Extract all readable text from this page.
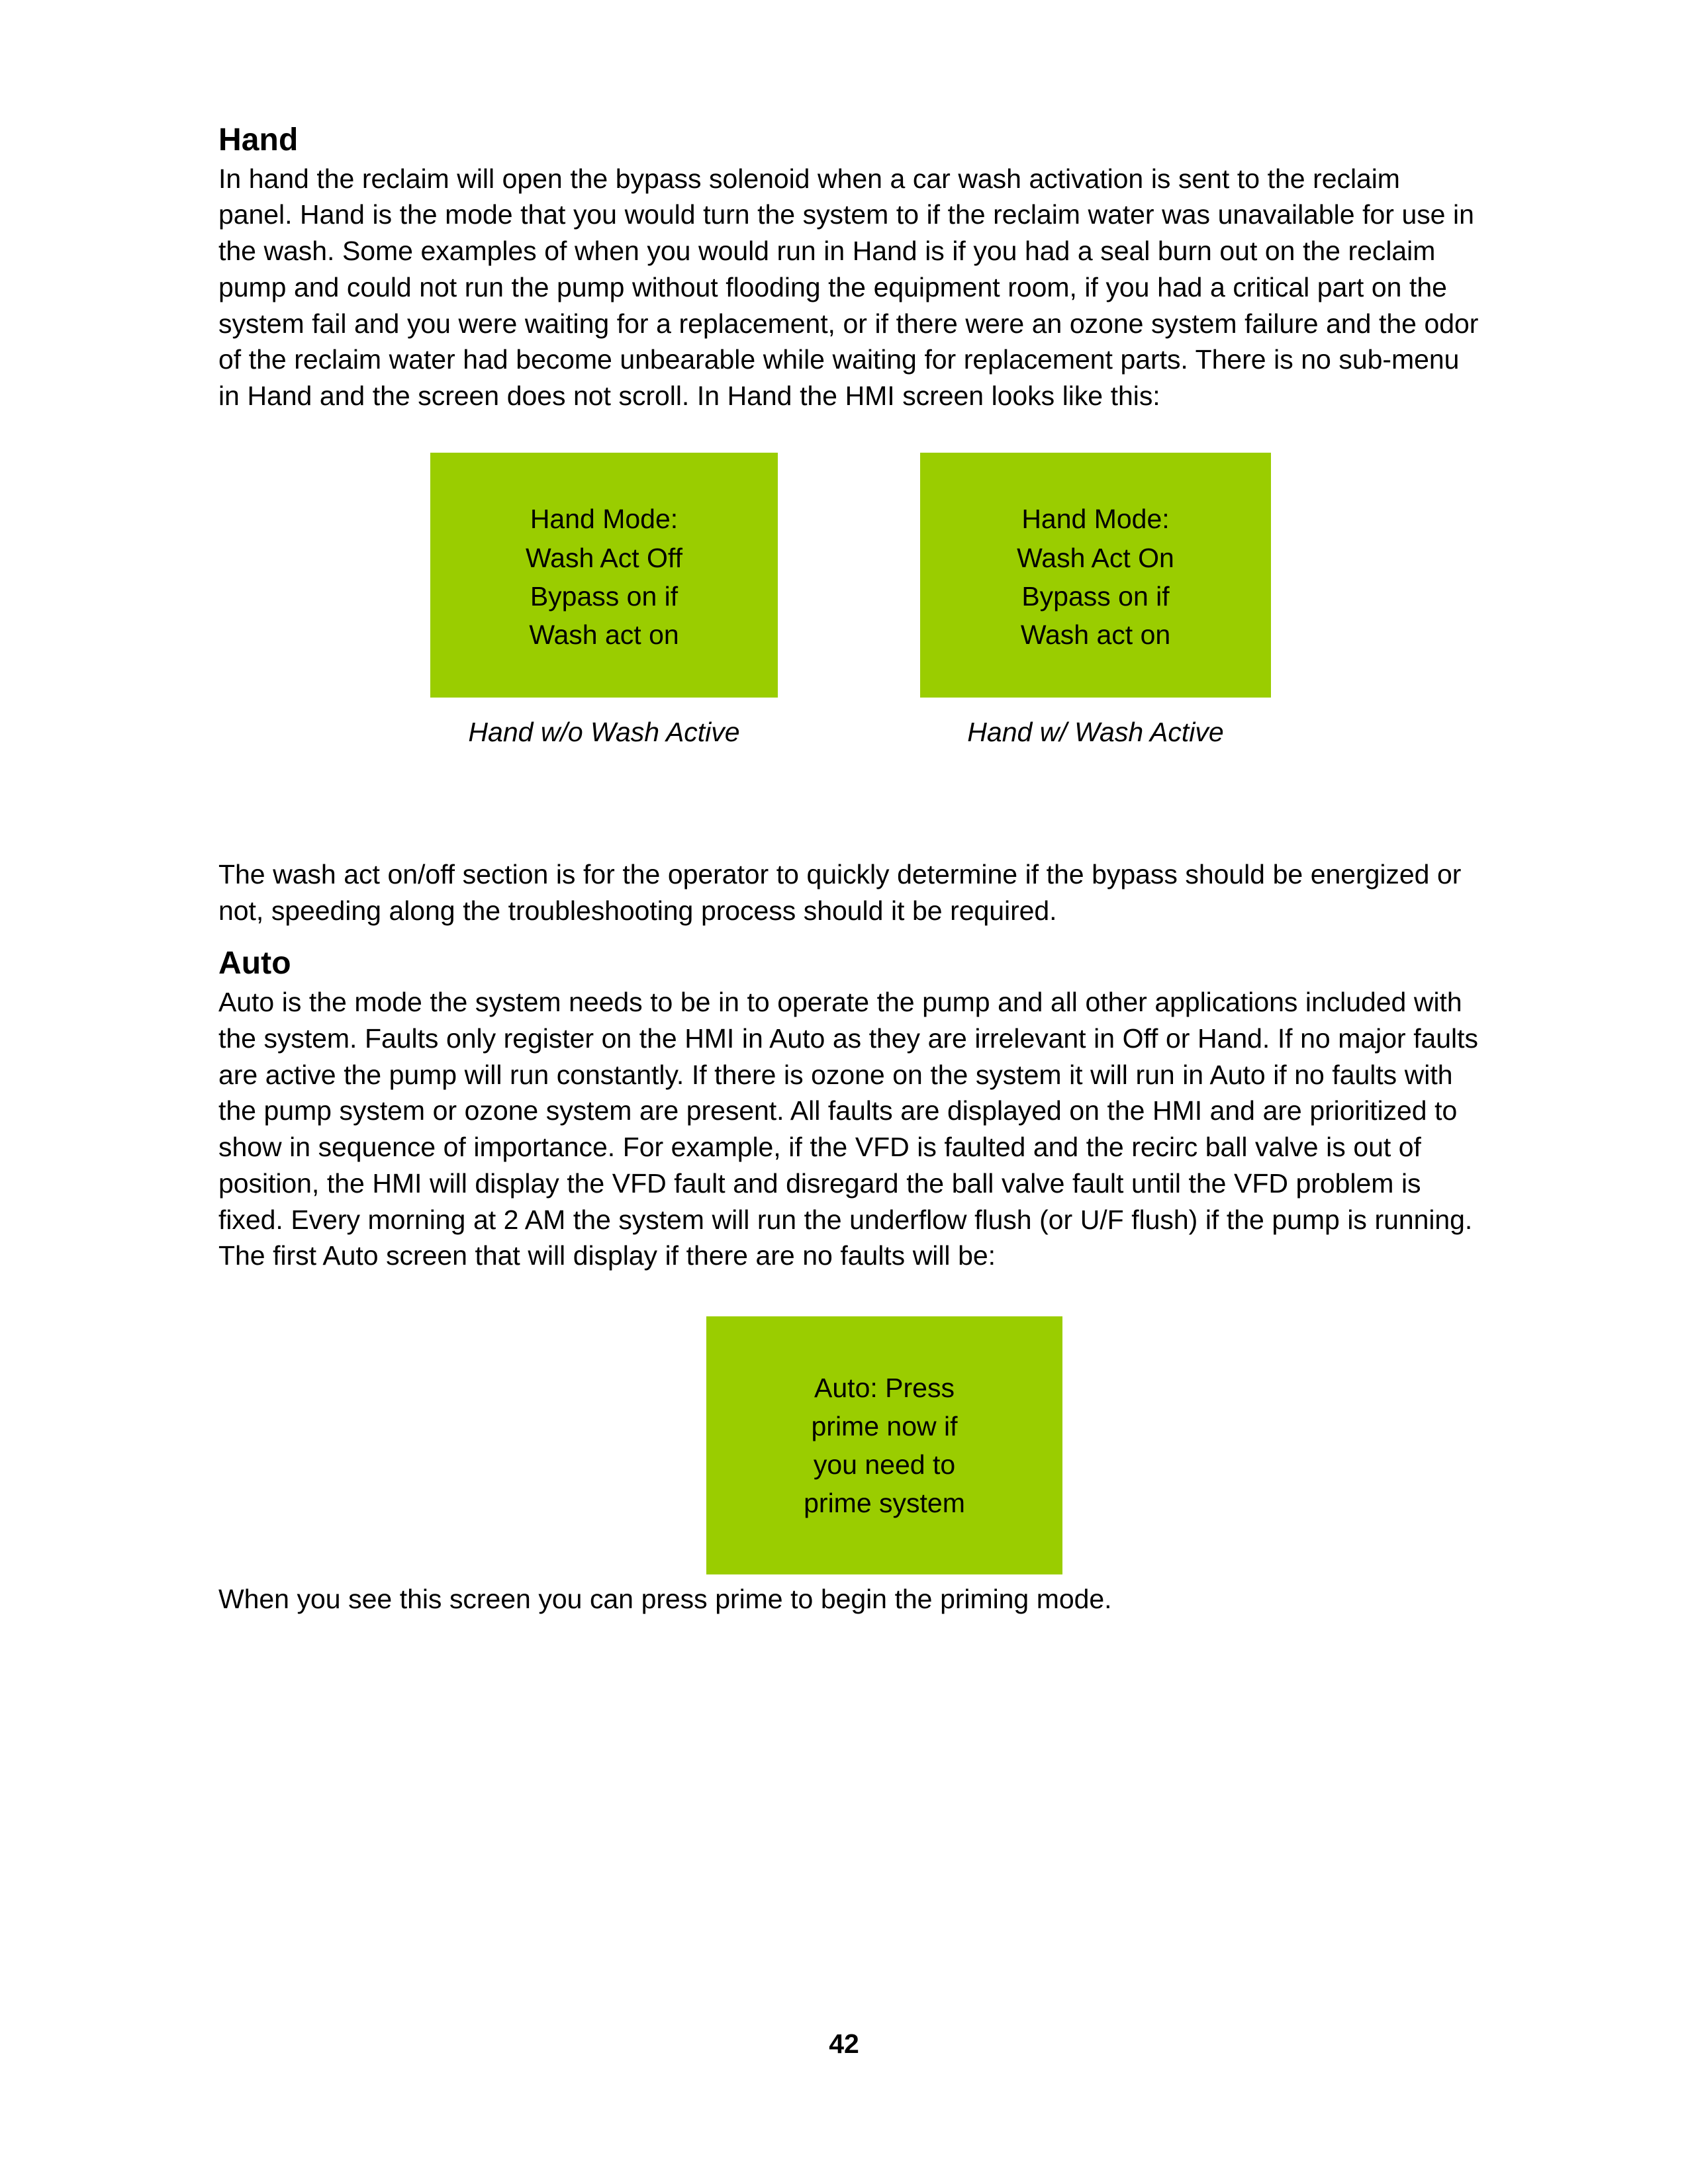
Hand

In hand the reclaim will open the bypass solenoid when a car wash activation is sent to the reclaim panel. Hand is the mode that you would turn the system to if the reclaim water was unavailable for use in the wash. Some examples of when you would run in Hand is if you had a seal burn out on the reclaim pump and could not run the pump without flooding the equipment room, if you had a critical part on the system fail and you were waiting for a replacement, or if there were an ozone system failure and the odor of the reclaim water had become unbearable while waiting for replacement parts. There is no sub-menu in Hand and the screen does not scroll. In Hand the HMI screen looks like this:

Hand Mode:
Wash Act Off
Bypass on if
Wash act on
Hand Mode:
Wash Act On
Bypass on if
Wash act on
Hand w/o Wash Active	Hand w/ Wash Active

The wash act on/off section is for the operator to quickly determine if the bypass should be energized or not, speeding along the troubleshooting process should it be required.

Auto

Auto is the mode the system needs to be in to operate the pump and all other applications included with the system. Faults only register on the HMI in Auto as they are irrelevant in Off or Hand. If no major faults are active the pump will run constantly. If there is ozone on the system it will run in Auto if no faults with the pump system or ozone system are present. All faults are displayed on the HMI and are prioritized to show in sequence of importance. For example, if the VFD is faulted and the recirc ball valve is out of position, the HMI will display the VFD fault and disregard the ball valve fault until the VFD problem is fixed. Every morning at 2 AM the system will run the underflow flush (or U/F flush) if the pump is running. The first Auto screen that will display if there are no faults will be:

Auto: Press
prime now if
you need to
prime system

When you see this screen you can press prime to begin the priming mode.

42
